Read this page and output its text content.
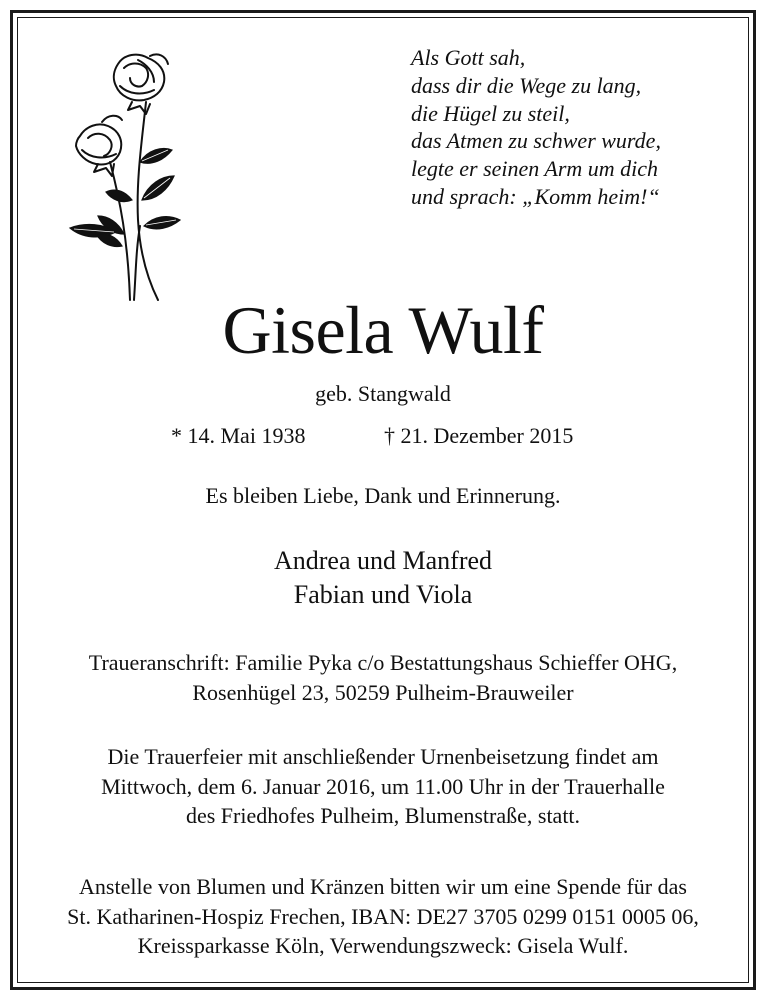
Als Gott sah,
dass dir die Wege zu lang,
die Hügel zu steil,
das Atmen zu schwer wurde,
legte er seinen Arm um dich
und sprach: „Komm heim!“
Gisela Wulf
geb. Stangwald
* 14. Mai 1938	† 21. Dezember 2015
Es bleiben Liebe, Dank und Erinnerung.
Andrea und Manfred
Fabian und Viola
Traueranschrift: Familie Pyka c/o Bestattungshaus Schieffer OHG,
Rosenhügel 23, 50259 Pulheim-Brauweiler
Die Trauerfeier mit anschließender Urnenbeisetzung findet am
Mittwoch, dem 6. Januar 2016, um 11.00 Uhr in der Trauerhalle
des Friedhofes Pulheim, Blumenstraße, statt.
Anstelle von Blumen und Kränzen bitten wir um eine Spende für das
St. Katharinen-Hospiz Frechen, IBAN: DE27 3705 0299 0151 0005 06,
Kreissparkasse Köln, Verwendungszweck: Gisela Wulf.
